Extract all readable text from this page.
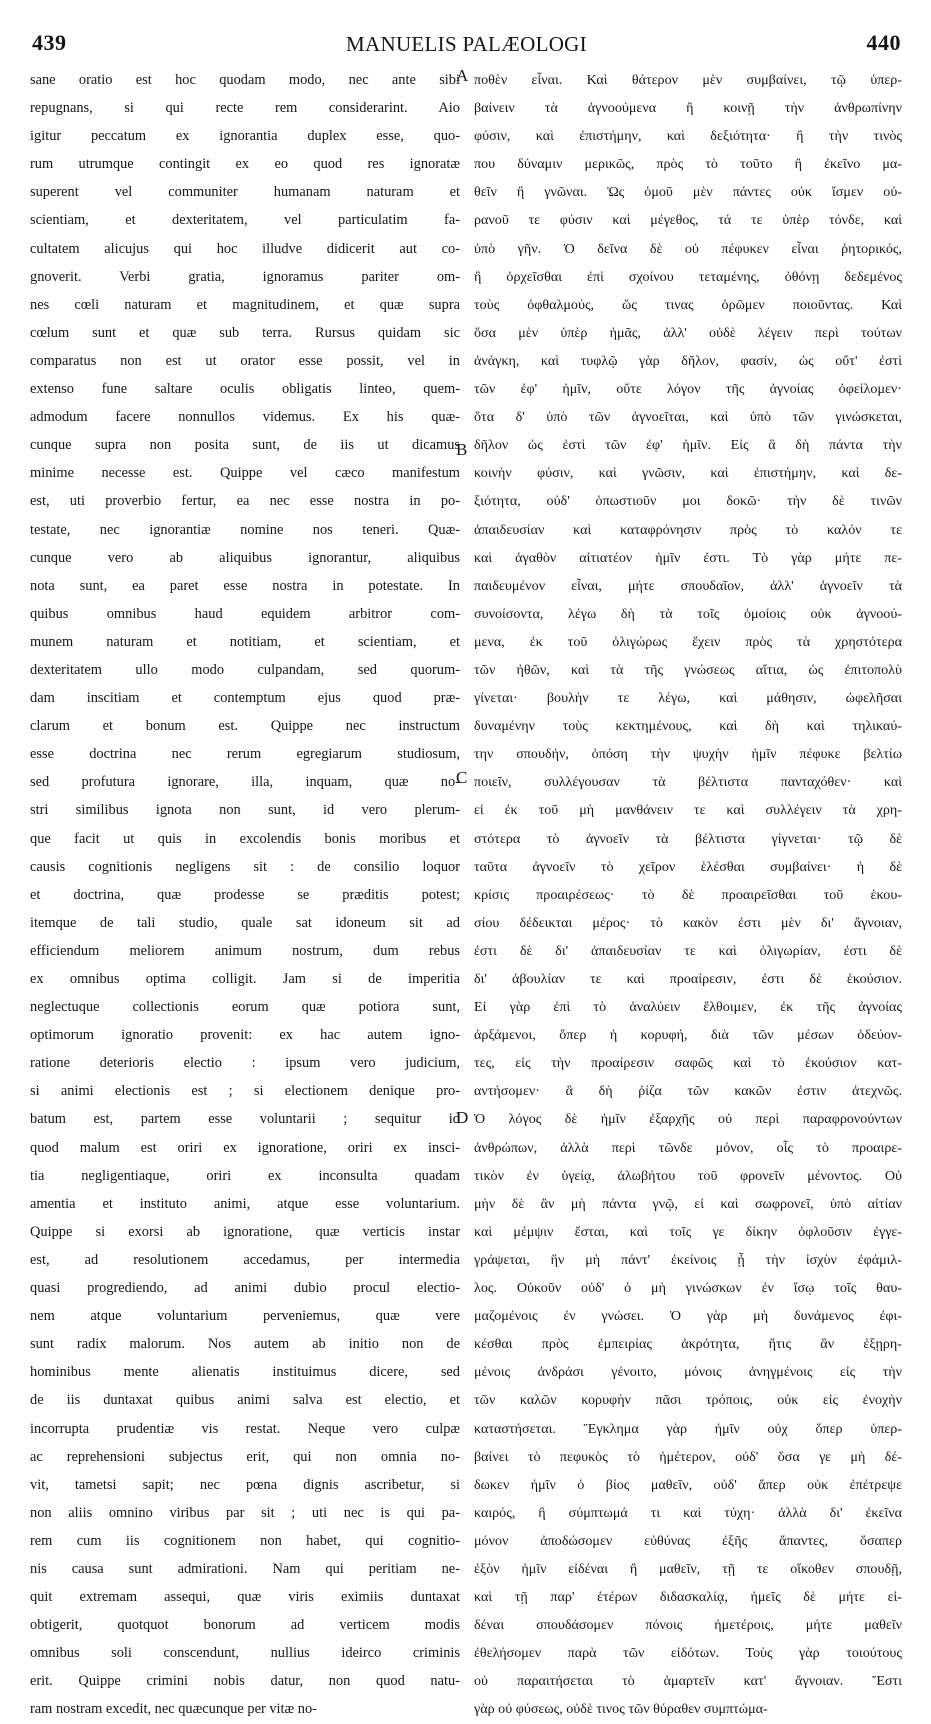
439	MANUELIS PALÆOLOGI	440
sane oratio est hoc quodam modo, nec ante sibi
repugnans, si qui recte rem considerarint. Aio
igitur peccatum ex ignorantia duplex esse, quo-
rum utrumque contingit ex eo quod res ignoratæ
superent vel communiter humanam naturam et
scientiam, et dexteritatem, vel particulatim fa-
cultatem alicujus qui hoc illudve didicerit aut co-
gnoverit. Verbi gratia, ignoramus pariter om-
nes cœli naturam et magnitudinem, et quæ supra
cœlum sunt et quæ sub terra. Rursus quidam sic
comparatus non est ut orator esse possit, vel in
extenso fune saltare oculis obligatis linteo, quem-
admodum facere nonnullos videmus. Ex his quæ-
cunque supra non posita sunt, de iis ut dicamus
minime necesse est. Quippe vel cæco manifestum
est, uti proverbio fertur, ea nec esse nostra in po-
testate, nec ignorantiæ nomine nos teneri. Quæ-
cunque vero ab aliquibus ignorantur, aliquibus
nota sunt, ea paret esse nostra in potestate. In
quibus omnibus haud equidem arbitror com-
munem naturam et notitiam, et scientiam, et
dexteritatem ullo modo culpandam, sed quorum-
dam inscitiam et contemptum ejus quod præ-
clarum et bonum est. Quippe nec instructum
esse doctrina nec rerum egregiarum studiosum,
sed profutura ignorare, illa, inquam, quæ no-
stri similibus ignota non sunt, id vero plerum-
que facit ut quis in excolendis bonis moribus et
causis cognitionis negligens sit : de consilio loquor
et doctrina, quæ prodesse se præditis potest;
itemque de tali studio, quale sat idoneum sit ad
efficiendum meliorem animum nostrum, dum rebus
ex omnibus optima colligit. Jam si de imperitia
neglectuque collectionis eorum quæ potiora sunt,
optimorum ignoratio provenit: ex hac autem igno-
ratione deterioris electio : ipsum vero judicium,
si animi electionis est ; si electionem denique pro-
batum est, partem esse voluntarii ; sequitur id
quod malum est oriri ex ignoratione, oriri ex insci-
tia negligentiaque, oriri ex inconsulta quadam
amentia et instituto animi, atque esse voluntarium.
Quippe si exorsi ab ignoratione, quæ verticis instar
est, ad resolutionem accedamus, per intermedia
quasi progrediendo, ad animi dubio procul electio-
nem atque voluntarium perveniemus, quæ vere
sunt radix malorum. Nos autem ab initio non de
hominibus mente alienatis instituimus dicere, sed
de iis duntaxat quibus animi salva est electio, et
incorrupta prudentiæ vis restat. Neque vero culpæ
ac reprehensioni subjectus erit, qui non omnia no-
vit, tametsi sapit; nec pœna dignis ascribetur, si
non aliis omnino viribus par sit ; uti nec is qui pa-
rem cum iis cognitionem non habet, qui cognitio-
nis causa sunt admirationi. Nam qui peritiam ne-
quit extremam assequi, quæ viris eximiis duntaxat
obtigerit, quotquot bonorum ad verticem modis
omnibus soli conscendunt, nullius ideirco criminis
erit. Quippe crimini nobis datur, non quod natu-
ram nostram excedit, nec quæcunque per vitæ no-
ποθὲν εἶναι. Καὶ θάτερον μὲν συμβαίνει, τῷ ὑπερ-
βαίνειν τὰ ἀγνοούμενα ἢ κοινῇ τὴν ἀνθρωπίνην
φύσιν, καὶ ἐπιστήμην, καὶ δεξιότητα· ἢ τὴν τινὸς
που δύναμιν μερικῶς, πρὸς τὸ τοῦτο ἢ ἐκεῖνο μα-
θεῖν ἢ γνῶναι. Ὡς ὁμοῦ μὲν πάντες οὐκ ἴσμεν οὐ-
ρανοῦ τε φύσιν καὶ μέγεθος, τά τε ὑπὲρ τόνδε, καὶ
ὑπὸ γῆν. Ὁ δεῖνα δὲ οὐ πέφυκεν εἶναι ῥητορικός,
ἢ ὀρχεῖσθαι ἐπὶ σχοίνου τεταμένης, ὀθόνῃ δεδεμένος
τοὺς ὀφθαλμούς, ὥς τινας ὁρῶμεν ποιοῦντας. Καὶ
ὅσα μὲν ὑπὲρ ἡμᾶς, ἀλλ' οὐδὲ λέγειν περὶ τούτων
ἀνάγκη, καὶ τυφλῷ γὰρ δῆλον, φασίν, ὡς οὔτ' ἐστὶ
τῶν ἐφ' ἡμῖν, οὔτε λόγον τῆς ἀγνοίας ὀφείλομεν·
ὅτα δ' ὑπὸ τῶν ἀγνοεῖται, καὶ ὑπὸ τῶν γινώσκεται,
δῆλον ὡς ἐστὶ τῶν ἐφ' ἡμῖν. Εἰς ἃ δὴ πάντα τὴν
κοινὴν φύσιν, καὶ γνῶσιν, καὶ ἐπιστήμην, καὶ δε-
ξιότητα, οὐδ' ὁπωστιοῦν μοι δοκῶ· τὴν δὲ τινῶν
ἀπαιδευσίαν καὶ καταφρόνησιν πρὸς τὸ καλόν τε
καὶ ἀγαθὸν αἰτιατέον ἡμῖν ἐστι. Τὸ γὰρ μήτε πε-
παιδευμένον εἶναι, μήτε σπουδαῖον, ἀλλ' ἀγνοεῖν τὰ
συνοίσοντα, λέγω δὴ τὰ τοῖς ὁμοίοις οὐκ ἀγνοού-
μενα, ἐκ τοῦ ὀλιγώρως ἔχειν πρὸς τὰ χρηστότερα
τῶν ἠθῶν, καὶ τὰ τῆς γνώσεως αἴτια, ὡς ἐπιτοπολὺ
γίνεται· βουλὴν τε λέγω, καὶ μάθησιν, ὠφελῆσαι
δυναμένην τοὺς κεκτημένους, καὶ δὴ καὶ τηλικαύ-
την σπουδήν, ὁπόση τὴν ψυχὴν ἡμῖν πέφυκε βελτίω
ποιεῖν, συλλέγουσαν τὰ βέλτιστα πανταχόθεν· καὶ
εἰ ἐκ τοῦ μὴ μανθάνειν τε καὶ συλλέγειν τὰ χρη-
στότερα τὸ ἀγνοεῖν τὰ βέλτιστα γίγνεται· τῷ δὲ
ταῦτα ἀγνοεῖν τὸ χεῖρον ἑλέσθαι συμβαίνει· ἡ δὲ
κρίσις προαιρέσεως· τὸ δὲ προαιρεῖσθαι τοῦ ἑκου-
σίου δέδεικται μέρος· τὸ κακὸν ἐστι μὲν δι' ἄγνοιαν,
ἐστι δὲ δι' ἀπαιδευσίαν τε καὶ ὀλιγωρίαν, ἐστι δὲ
δι' ἀβουλίαν τε καὶ προαίρεσιν, ἐστι δὲ ἑκούσιον.
Εἰ γὰρ ἐπὶ τὸ ἀναλύειν ἔλθοιμεν, ἐκ τῆς ἀγνοίας
ἀρξάμενοι, ὅπερ ἡ κορυφή, διὰ τῶν μέσων ὁδεύον-
τες, εἰς τὴν προαίρεσιν σαφῶς καὶ τὸ ἑκούσιον κατ-
αντήσομεν· ἃ δὴ ῥίζα τῶν κακῶν ἐστιν ἀτεχνῶς.
Ὁ λόγος δὲ ἡμῖν ἐξαρχῆς οὐ περὶ παραφρονούντων
ἀνθρώπων, ἀλλὰ περὶ τῶνδε μόνον, οἷς τὸ προαιρε-
τικὸν ἐν ὑγείᾳ, ἀλωβήτου τοῦ φρονεῖν μένοντος. Οὐ
μὴν δὲ ἂν μὴ πάντα γνῷ, εἰ καὶ σωφρονεῖ, ὑπὸ αἰτίαν
καὶ μέμψιν ἔσται, καὶ τοῖς γε δίκην ὀφλοῦσιν ἐγγε-
γράψεται, ἣν μὴ πάντ' ἐκείνοις ᾖ τὴν ἰσχὺν ἐφάμιλ-
λος. Οὐκοῦν οὐδ' ὁ μὴ γινώσκων ἐν ἴσῳ τοῖς θαυ-
μαζομένοις ἐν γνώσει. Ὁ γὰρ μὴ δυνάμενος ἐφι-
κέσθαι πρὸς ἐμπειρίας ἀκρότητα, ἥτις ἂν ἐξῃρη-
μένοις ἀνδράσι γένοιτο, μόνοις ἀνηγμένοις εἰς τὴν
τῶν καλῶν κορυφὴν πᾶσι τρόποις, οὐκ εἰς ἐνοχὴν
καταστήσεται. Ἔγκλημα γὰρ ἡμῖν οὐχ ὅπερ ὑπερ-
βαίνει τὸ πεφυκὸς τὸ ἡμέτερον, οὐδ' ὅσα γε μὴ δέ-
δωκεν ἡμῖν ὁ βίος μαθεῖν, οὐδ' ἅπερ οὐκ ἐπέτρεψε
καιρός, ἢ σύμπτωμά τι καὶ τύχη· ἀλλὰ δι' ἐκεῖνα
μόνον ἀποδώσομεν εὐθύνας ἐξῆς ἅπαντες, ὅσαπερ
ἐξὸν ἡμῖν εἰδέναι ἢ μαθεῖν, τῇ τε οἴκοθεν σπουδῇ,
καὶ τῇ παρ' ἑτέρων διδασκαλίᾳ, ἡμεῖς δὲ μήτε εἰ-
δέναι σπουδάσομεν πόνοις ἡμετέροις, μήτε μαθεῖν
ἐθελήσομεν παρὰ τῶν εἰδότων. Τοὺς γὰρ τοιούτους
οὐ παραιτήσεται τὸ ἁμαρτεῖν κατ' ἄγνοιαν. Ἔστι
γὰρ οὐ φύσεως, οὐδὲ τινος τῶν θύραθεν συμπτώμα-
A
B
C
D
